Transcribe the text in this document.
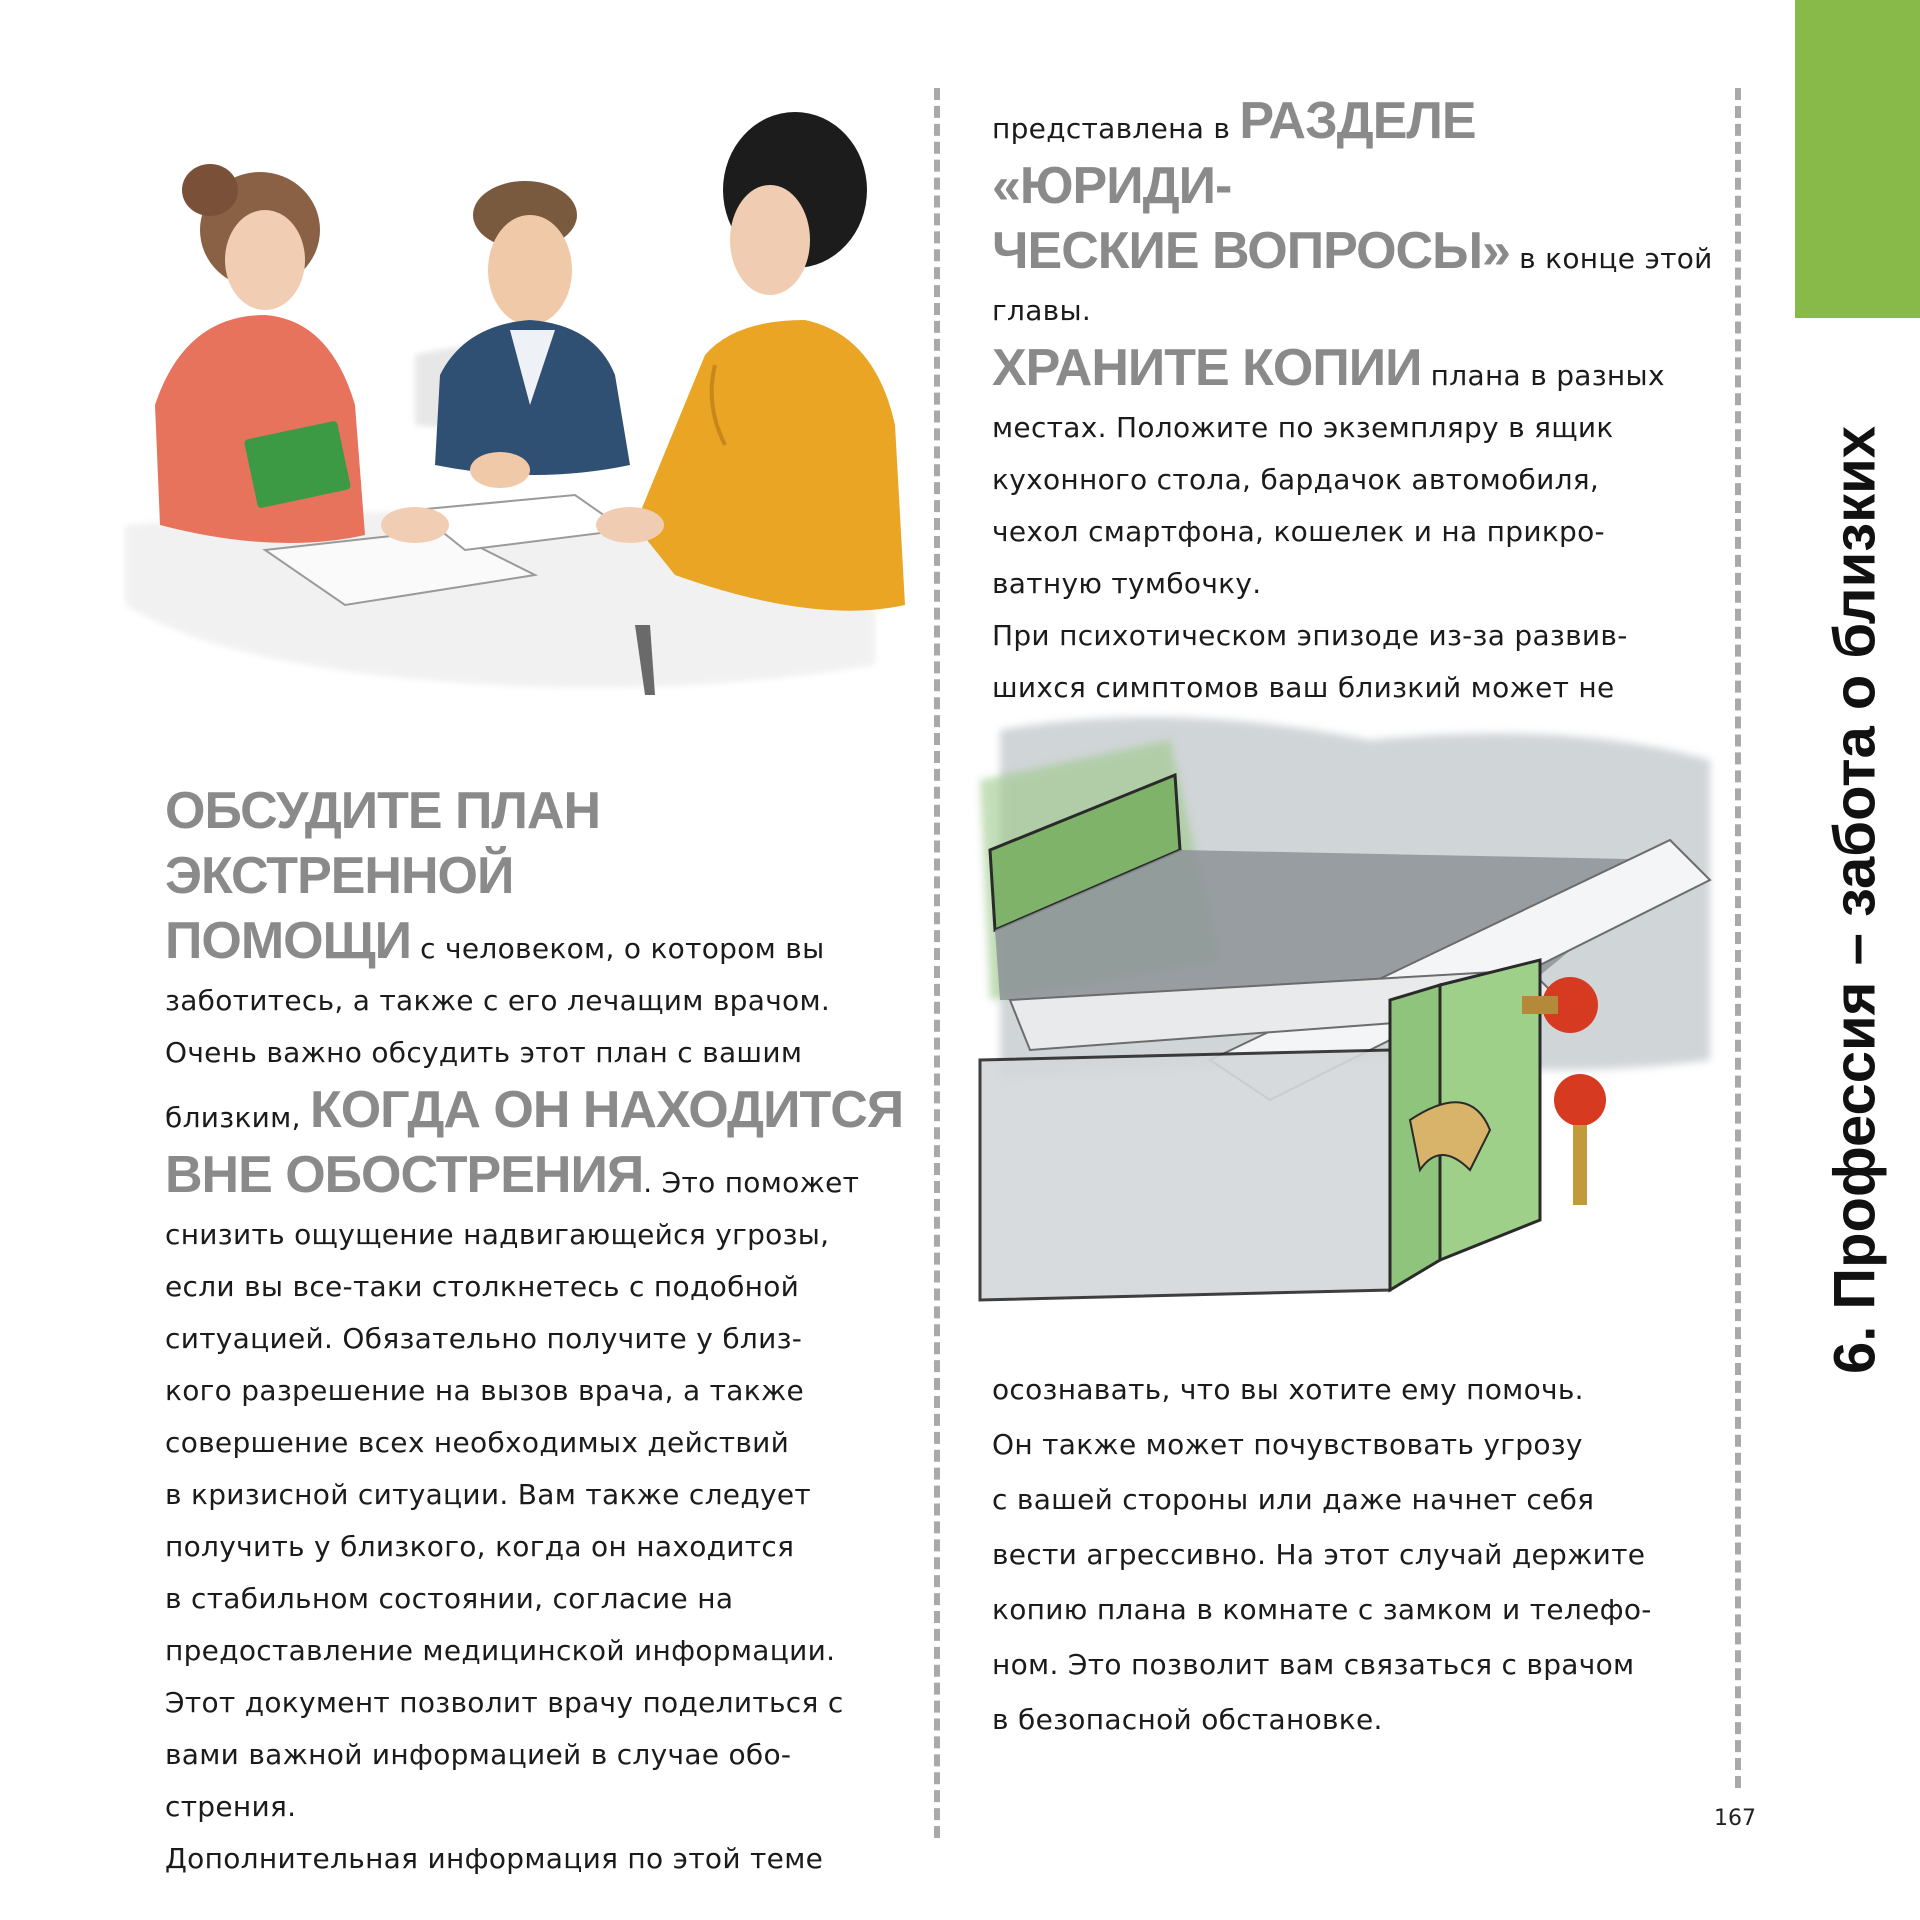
6. Профессия – забота о близких

ОБСУДИТЕ ПЛАН ЭКСТРЕННОЙ

ПОМОЩИ с человеком, о котором вы

заботитесь, а также с его лечащим врачом.

Очень важно обсудить этот план с вашим

близким, КОГДА ОН НАХОДИТСЯ

ВНЕ ОБОСТРЕНИЯ. Это поможет

снизить ощущение надвигающейся угрозы,

если вы все-таки столкнетесь с подобной

ситуацией. Обязательно получите у близ-

кого разрешение на вызов врача, а также

совершение всех необходимых действий

в кризисной ситуации. Вам также следует

получить у близкого, когда он находится

в стабильном состоянии, согласие на

предоставление медицинской информации.

Этот документ позволит врачу поделиться с

вами важной информацией в случае обо-

стрения.

Дополнительная информация по этой теме

представлена в РАЗДЕЛЕ «ЮРИДИ-

ЧЕСКИЕ ВОПРОСЫ» в конце этой

главы.

ХРАНИТЕ КОПИИ плана в разных

местах. Положите по экземпляру в ящик

кухонного стола, бардачок автомобиля,

чехол смартфона, кошелек и на прикро-

ватную тумбочку.

При психотическом эпизоде из-за развив-

шихся симптомов ваш близкий может не

осознавать, что вы хотите ему помочь.

Он также может почувствовать угрозу

с вашей стороны или даже начнет себя

вести агрессивно. На этот случай держите

копию плана в комнате с замком и телефо-

ном. Это позволит вам связаться с врачом

в безопасной обстановке.

167
